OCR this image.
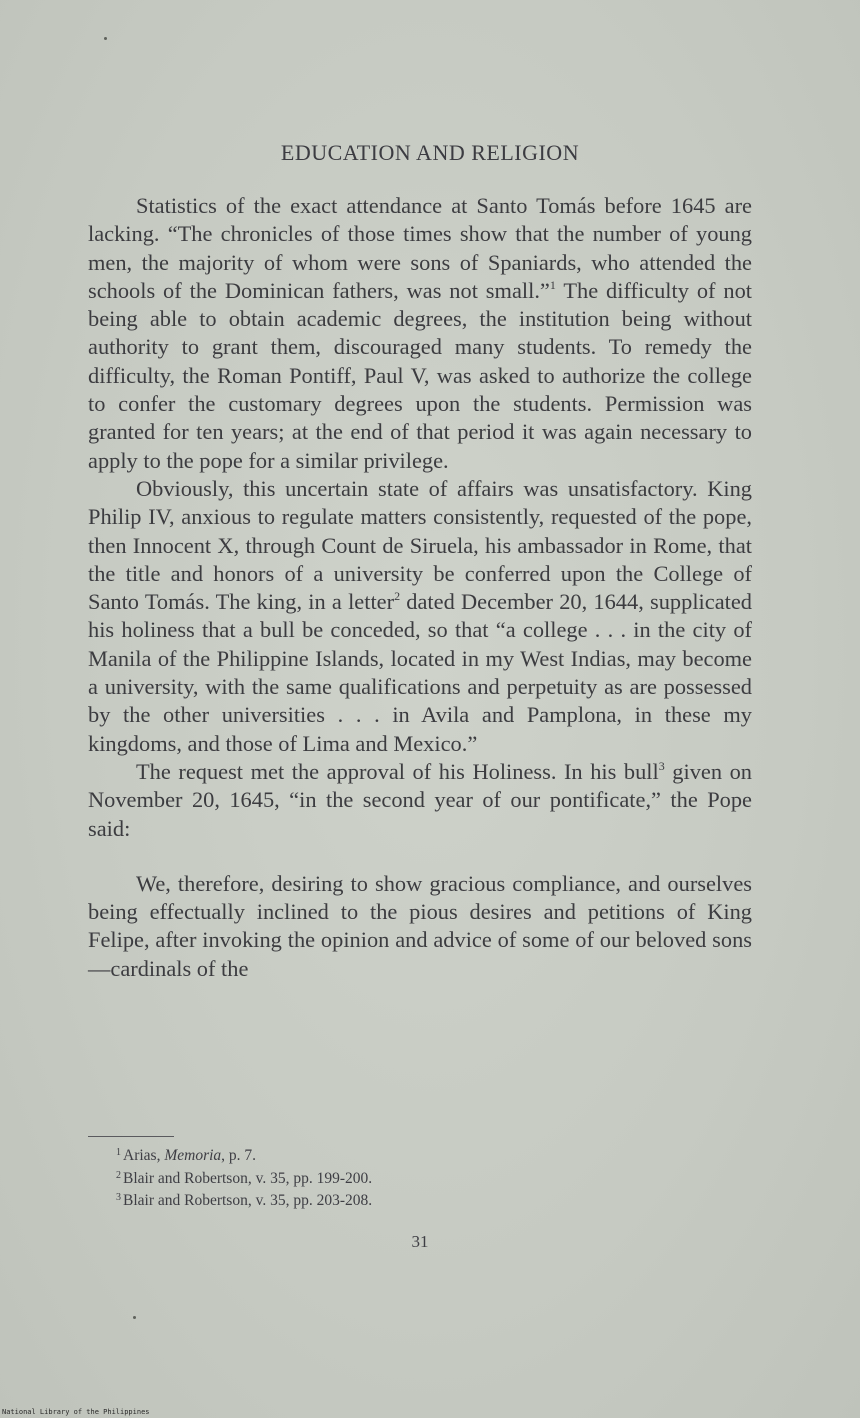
EDUCATION AND RELIGION

Statistics of the exact attendance at Santo Tomás before 1645 are lacking. “The chronicles of those times show that the number of young men, the majority of whom were sons of Spaniards, who attended the schools of the Dominican fathers, was not small.”$^1$ The difficulty of not being able to obtain academic degrees, the institution being without authority to grant them, discouraged many students. To remedy the difficulty, the Roman Pontiff, Paul V, was asked to authorize the college to confer the customary degrees upon the students. Permission was granted for ten years; at the end of that period it was again necessary to apply to the pope for a similar privilege.

Obviously, this uncertain state of affairs was unsatisfactory. King Philip IV, anxious to regulate matters consistently, requested of the pope, then Innocent X, through Count de Siruela, his ambassador in Rome, that the title and honors of a university be conferred upon the College of Santo Tomás. The king, in a letter$^2$ dated December 20, 1644, supplicated his holiness that a bull be conceded, so that “a college . . . in the city of Manila of the Philippine Islands, located in my West Indias, may become a university, with the same qualifications and perpetuity as are possessed by the other universities . . . in Avila and Pamplona, in these my kingdoms, and those of Lima and Mexico.”

The request met the approval of his Holiness. In his bull$^3$ given on November 20, 1645, “in the second year of our pontificate,” the Pope said:

We, therefore, desiring to show gracious compliance, and ourselves being effectually inclined to the pious desires and petitions of King Felipe, after invoking the opinion and advice of some of our beloved sons—cardinals of the

$^1$ Arias, Memoria, p. 7.
$^2$ Blair and Robertson, v. 35, pp. 199-200.
$^3$ Blair and Robertson, v. 35, pp. 203-208.
31
National Library of the Philippines
